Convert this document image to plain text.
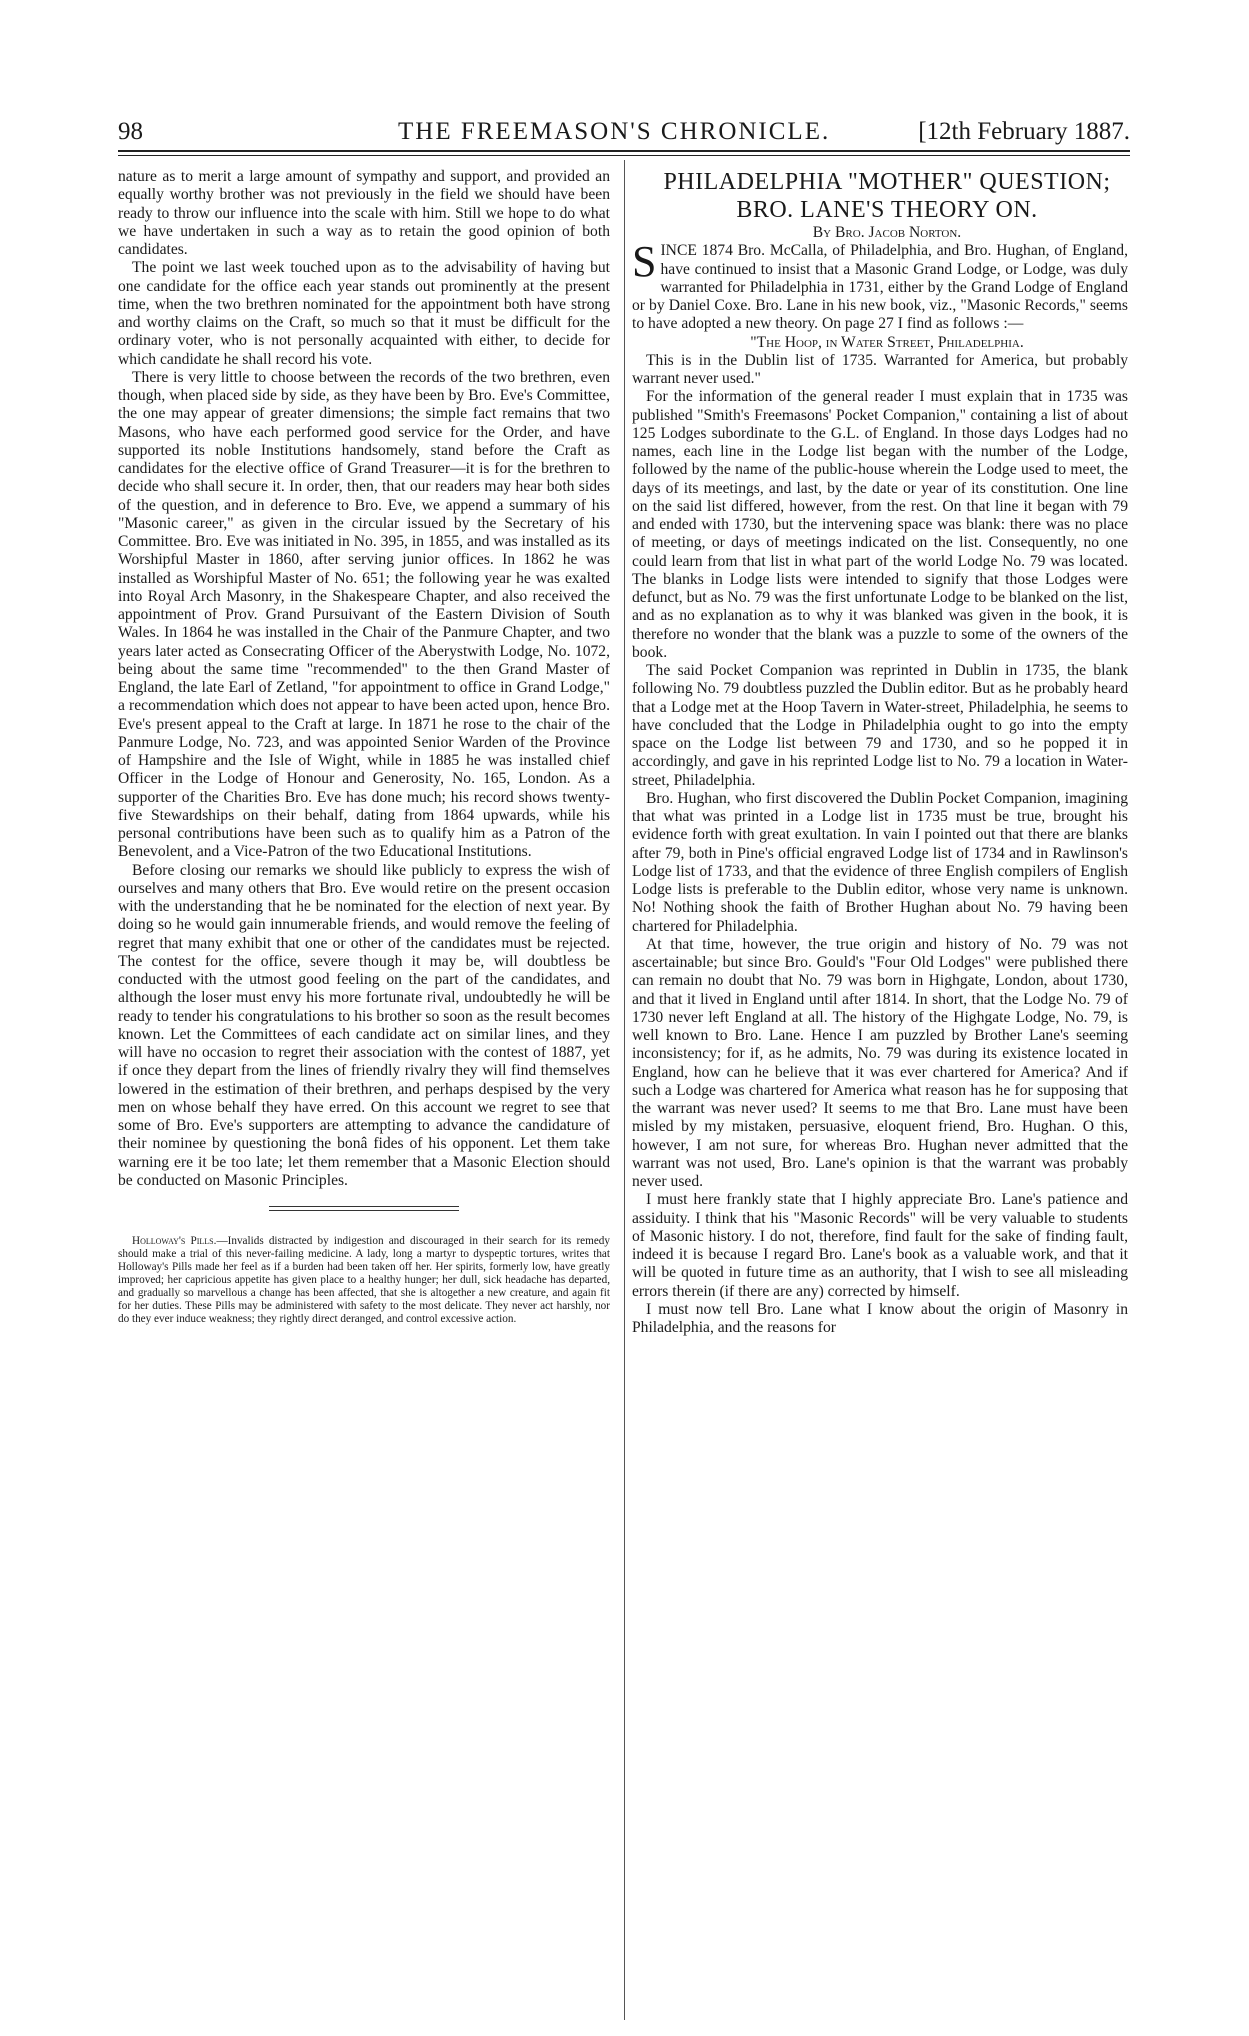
98	THE FREEMASON'S CHRONICLE.	[12th February 1887.

nature as to merit a large amount of sympathy and support, and provided an equally worthy brother was not previously in the field we should have been ready to throw our influence into the scale with him. Still we hope to do what we have undertaken in such a way as to retain the good opinion of both candidates.

The point we last week touched upon as to the advisability of having but one candidate for the office each year stands out prominently at the present time, when the two brethren nominated for the appointment both have strong and worthy claims on the Craft, so much so that it must be difficult for the ordinary voter, who is not personally acquainted with either, to decide for which candidate he shall record his vote.

There is very little to choose between the records of the two brethren, even though, when placed side by side, as they have been by Bro. Eve's Committee, the one may appear of greater dimensions; the simple fact remains that two Masons, who have each performed good service for the Order, and have supported its noble Institutions handsomely, stand before the Craft as candidates for the elective office of Grand Treasurer—it is for the brethren to decide who shall secure it. In order, then, that our readers may hear both sides of the question, and in deference to Bro. Eve, we append a summary of his "Masonic career," as given in the circular issued by the Secretary of his Committee. Bro. Eve was initiated in No. 395, in 1855, and was installed as its Worshipful Master in 1860, after serving junior offices. In 1862 he was installed as Worshipful Master of No. 651; the following year he was exalted into Royal Arch Masonry, in the Shakespeare Chapter, and also received the appointment of Prov. Grand Pursuivant of the Eastern Division of South Wales. In 1864 he was installed in the Chair of the Panmure Chapter, and two years later acted as Consecrating Officer of the Aberystwith Lodge, No. 1072, being about the same time "recommended" to the then Grand Master of England, the late Earl of Zetland, "for appointment to office in Grand Lodge," a recommendation which does not appear to have been acted upon, hence Bro. Eve's present appeal to the Craft at large. In 1871 he rose to the chair of the Panmure Lodge, No. 723, and was appointed Senior Warden of the Province of Hampshire and the Isle of Wight, while in 1885 he was installed chief Officer in the Lodge of Honour and Generosity, No. 165, London. As a supporter of the Charities Bro. Eve has done much; his record shows twenty-five Stewardships on their behalf, dating from 1864 upwards, while his personal contributions have been such as to qualify him as a Patron of the Benevolent, and a Vice-Patron of the two Educational Institutions.

Before closing our remarks we should like publicly to express the wish of ourselves and many others that Bro. Eve would retire on the present occasion with the understanding that he be nominated for the election of next year. By doing so he would gain innumerable friends, and would remove the feeling of regret that many exhibit that one or other of the candidates must be rejected. The contest for the office, severe though it may be, will doubtless be conducted with the utmost good feeling on the part of the candidates, and although the loser must envy his more fortunate rival, undoubtedly he will be ready to tender his congratulations to his brother so soon as the result becomes known. Let the Committees of each candidate act on similar lines, and they will have no occasion to regret their association with the contest of 1887, yet if once they depart from the lines of friendly rivalry they will find themselves lowered in the estimation of their brethren, and perhaps despised by the very men on whose behalf they have erred. On this account we regret to see that some of Bro. Eve's supporters are attempting to advance the candidature of their nominee by questioning the bonâ fides of his opponent. Let them take warning ere it be too late; let them remember that a Masonic Election should be conducted on Masonic Principles.

Holloway's Pills.—Invalids distracted by indigestion and discouraged in their search for its remedy should make a trial of this never-failing medicine. A lady, long a martyr to dyspeptic tortures, writes that Holloway's Pills made her feel as if a burden had been taken off her. Her spirits, formerly low, have greatly improved; her capricious appetite has given place to a healthy hunger; her dull, sick headache has departed, and gradually so marvellous a change has been affected, that she is altogether a new creature, and again fit for her duties. These Pills may be administered with safety to the most delicate. They never act harshly, nor do they ever induce weakness; they rightly direct deranged, and control excessive action.

PHILADELPHIA "MOTHER" QUESTION;

BRO. LANE'S THEORY ON.

By Bro. Jacob Norton.

SINCE 1874 Bro. McCalla, of Philadelphia, and Bro. Hughan, of England, have continued to insist that a Masonic Grand Lodge, or Lodge, was duly warranted for Philadelphia in 1731, either by the Grand Lodge of England or by Daniel Coxe. Bro. Lane in his new book, viz., "Masonic Records," seems to have adopted a new theory. On page 27 I find as follows :—

"The Hoop, in Water Street, Philadelphia.

This is in the Dublin list of 1735. Warranted for America, but probably warrant never used."

For the information of the general reader I must explain that in 1735 was published "Smith's Freemasons' Pocket Companion," containing a list of about 125 Lodges subordinate to the G.L. of England. In those days Lodges had no names, each line in the Lodge list began with the number of the Lodge, followed by the name of the public-house wherein the Lodge used to meet, the days of its meetings, and last, by the date or year of its constitution. One line on the said list differed, however, from the rest. On that line it began with 79 and ended with 1730, but the intervening space was blank: there was no place of meeting, or days of meetings indicated on the list. Consequently, no one could learn from that list in what part of the world Lodge No. 79 was located. The blanks in Lodge lists were intended to signify that those Lodges were defunct, but as No. 79 was the first unfortunate Lodge to be blanked on the list, and as no explanation as to why it was blanked was given in the book, it is therefore no wonder that the blank was a puzzle to some of the owners of the book.

The said Pocket Companion was reprinted in Dublin in 1735, the blank following No. 79 doubtless puzzled the Dublin editor. But as he probably heard that a Lodge met at the Hoop Tavern in Water-street, Philadelphia, he seems to have concluded that the Lodge in Philadelphia ought to go into the empty space on the Lodge list between 79 and 1730, and so he popped it in accordingly, and gave in his reprinted Lodge list to No. 79 a location in Water-street, Philadelphia.

Bro. Hughan, who first discovered the Dublin Pocket Companion, imagining that what was printed in a Lodge list in 1735 must be true, brought his evidence forth with great exultation. In vain I pointed out that there are blanks after 79, both in Pine's official engraved Lodge list of 1734 and in Rawlinson's Lodge list of 1733, and that the evidence of three English compilers of English Lodge lists is preferable to the Dublin editor, whose very name is unknown. No! Nothing shook the faith of Brother Hughan about No. 79 having been chartered for Philadelphia.

At that time, however, the true origin and history of No. 79 was not ascertainable; but since Bro. Gould's "Four Old Lodges" were published there can remain no doubt that No. 79 was born in Highgate, London, about 1730, and that it lived in England until after 1814. In short, that the Lodge No. 79 of 1730 never left England at all. The history of the Highgate Lodge, No. 79, is well known to Bro. Lane. Hence I am puzzled by Brother Lane's seeming inconsistency; for if, as he admits, No. 79 was during its existence located in England, how can he believe that it was ever chartered for America? And if such a Lodge was chartered for America what reason has he for supposing that the warrant was never used? It seems to me that Bro. Lane must have been misled by my mistaken, persuasive, eloquent friend, Bro. Hughan. O this, however, I am not sure, for whereas Bro. Hughan never admitted that the warrant was not used, Bro. Lane's opinion is that the warrant was probably never used.

I must here frankly state that I highly appreciate Bro. Lane's patience and assiduity. I think that his "Masonic Records" will be very valuable to students of Masonic history. I do not, therefore, find fault for the sake of finding fault, indeed it is because I regard Bro. Lane's book as a valuable work, and that it will be quoted in future time as an authority, that I wish to see all misleading errors therein (if there are any) corrected by himself.

I must now tell Bro. Lane what I know about the origin of Masonry in Philadelphia, and the reasons for
